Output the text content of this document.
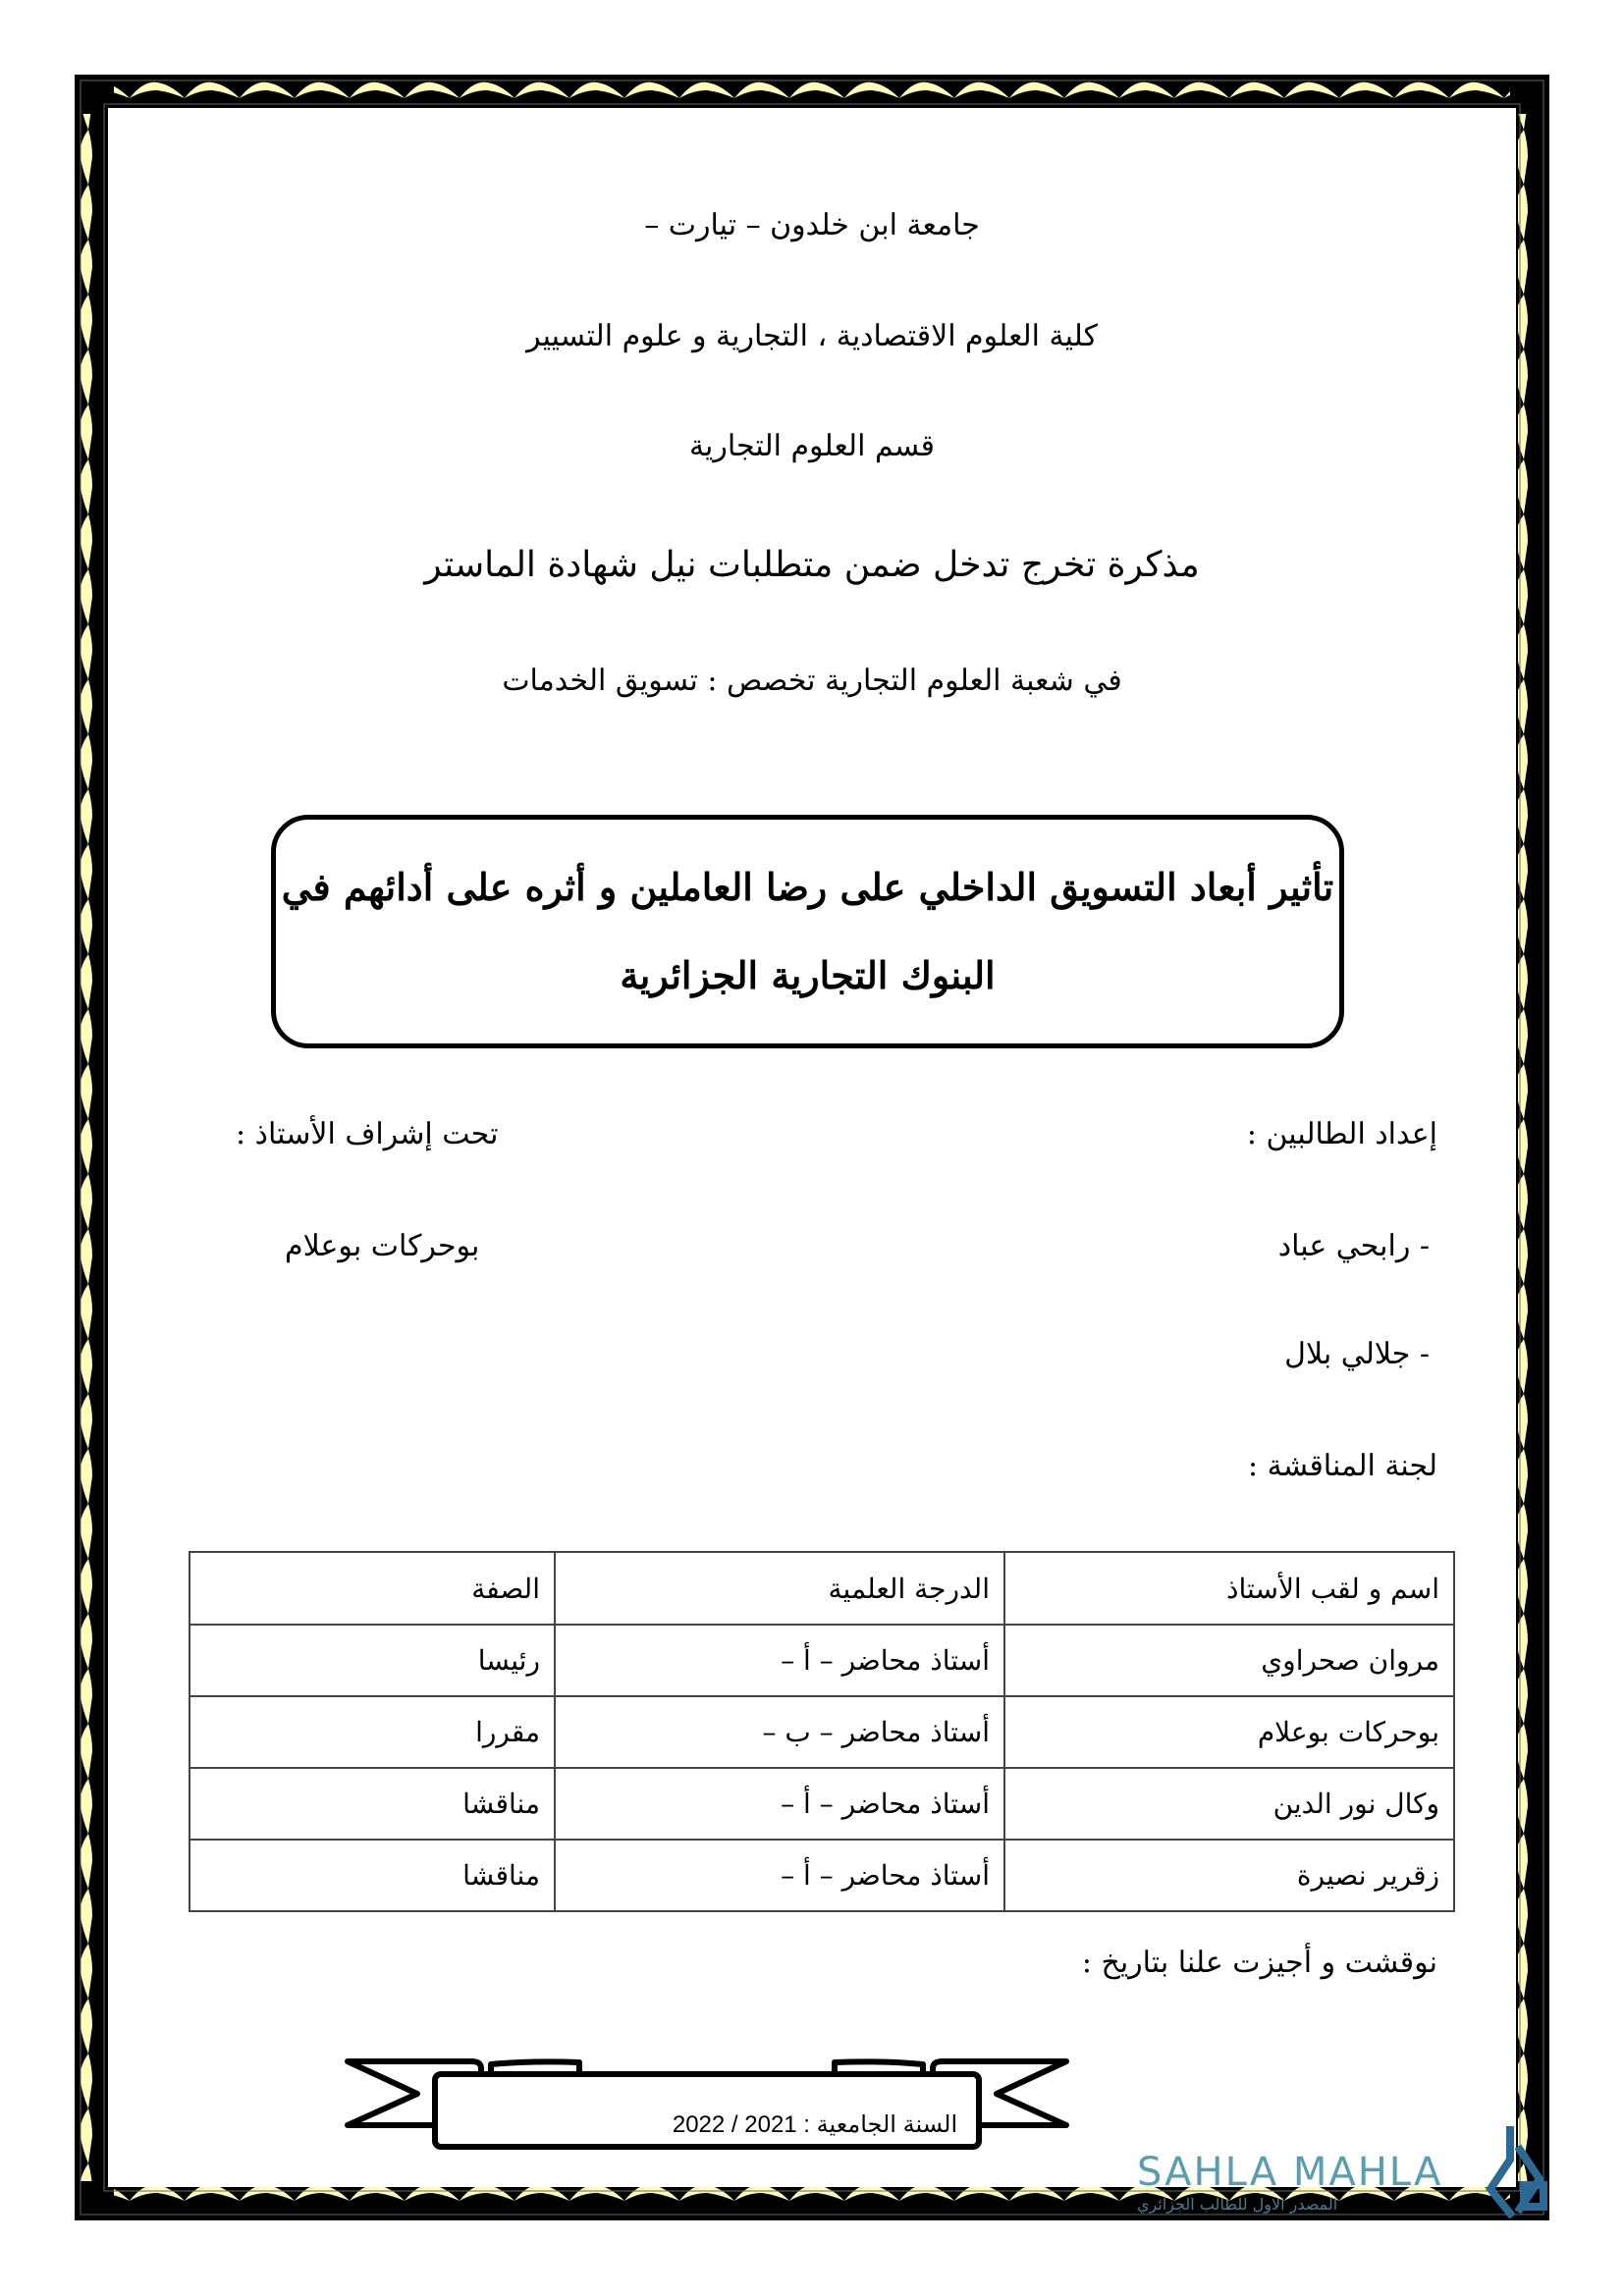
جامعة ابن خلدون – تيارت –
كلية العلوم الاقتصادية ، التجارية و علوم التسيير
قسم العلوم التجارية
مذكرة تخرج تدخل ضمن متطلبات نيل شهادة الماستر
في شعبة العلوم التجارية تخصص : تسويق الخدمات
تأثير أبعاد التسويق الداخلي على رضا العاملين و أثره على أدائهم في
البنوك التجارية الجزائرية
إعداد الطالبين :
تحت إشراف الأستاذ :
- رابحي عباد
بوحركات بوعلام
- جلالي بلال
لجنة المناقشة :
اسم و لقب الأستاذ	الدرجة العلمية	الصفة
مروان صحراوي	أستاذ محاضر – أ –	رئيسا
بوحركات بوعلام	أستاذ محاضر – ب –	مقررا
وكال نور الدين	أستاذ محاضر – أ –	مناقشا
زقرير نصيرة	أستاذ محاضر – أ –	مناقشا
نوقشت و أجيزت علنا بتاريخ :
السنة الجامعية : 2021 / 2022
SAHLA MAHLA
المصدر الاول للطالب الجزائري
